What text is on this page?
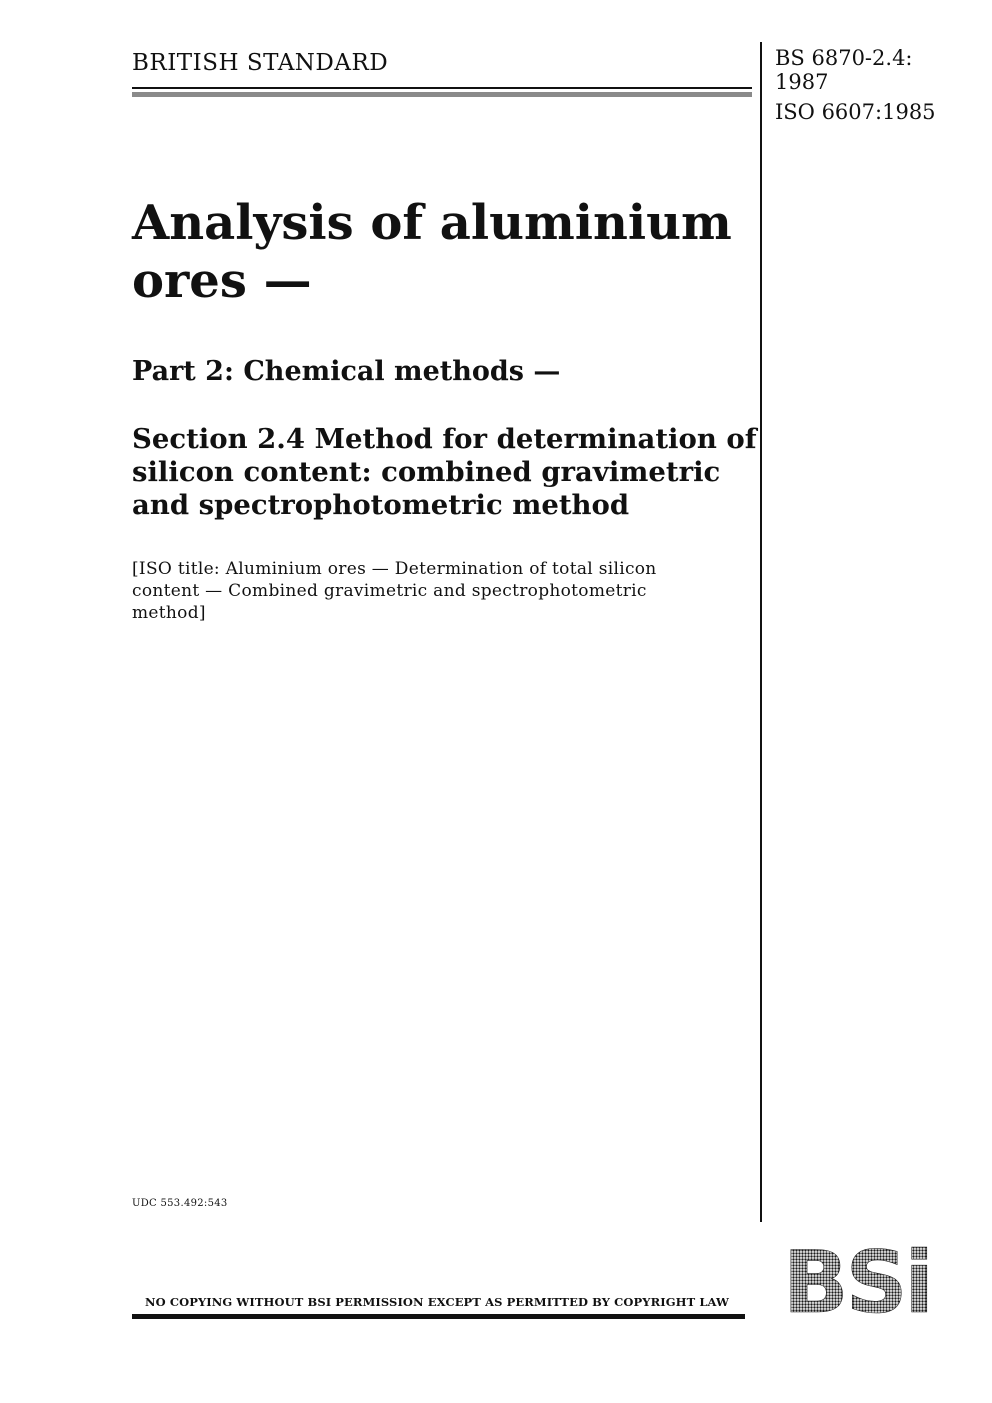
BRITISH STANDARD	BS 6870-2.4:
1987
ISO 6607:1985
Analysis of aluminium
ores —
Part 2: Chemical methods —
Section 2.4 Method for determination of
silicon content: combined gravimetric
and spectrophotometric method

[ISO title: Aluminium ores — Determination of total silicon
content — Combined gravimetric and spectrophotometric
method]

UDC 553.492:543
NO COPYING WITHOUT BSI PERMISSION EXCEPT AS PERMITTED BY COPYRIGHT LAW BSi
